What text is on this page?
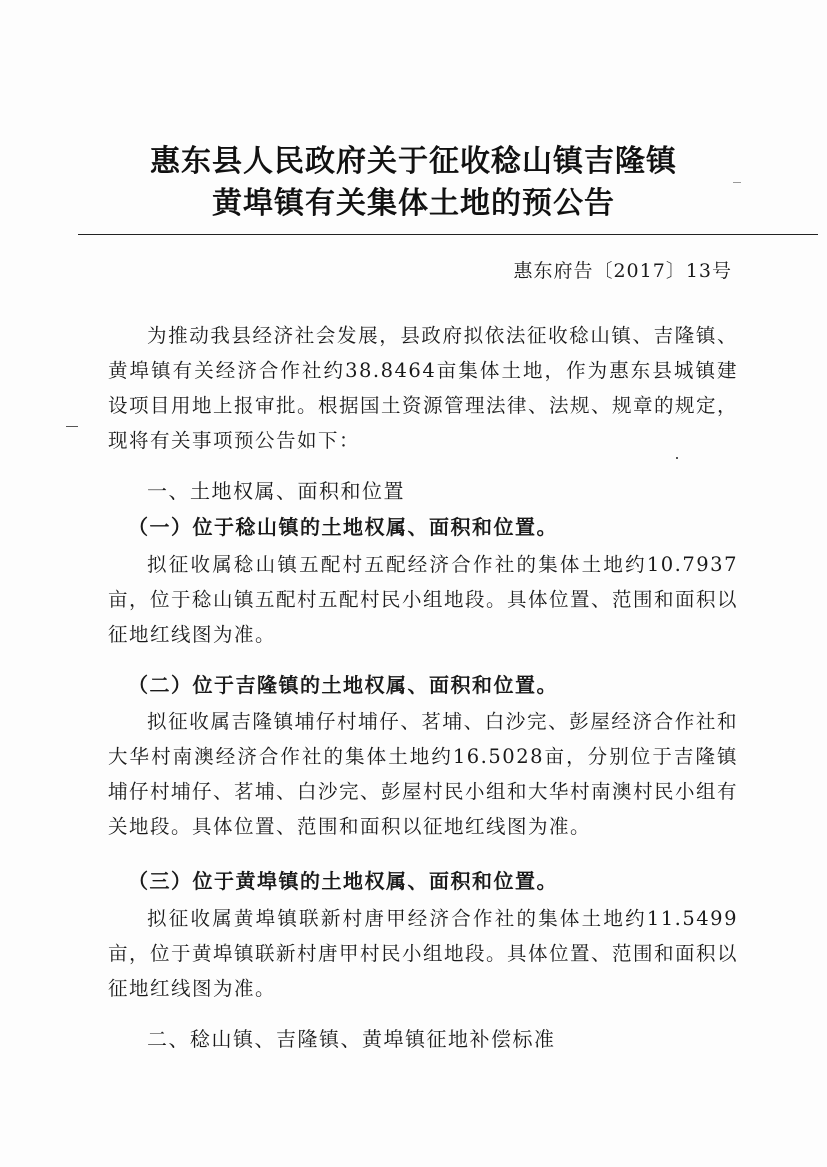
惠东县人民政府关于征收稔山镇吉隆镇
黄埠镇有关集体土地的预公告
惠东府告〔2017〕13号

为推动我县经济社会发展，县政府拟依法征收稔山镇、吉隆镇、黄埠镇有关经济合作社约38.8464亩集体土地，作为惠东县城镇建设项目用地上报审批。根据国土资源管理法律、法规、规章的规定，现将有关事项预公告如下：

一、土地权属、面积和位置

（一）位于稔山镇的土地权属、面积和位置。

拟征收属稔山镇五配村五配经济合作社的集体土地约10.7937亩，位于稔山镇五配村五配村民小组地段。具体位置、范围和面积以征地红线图为准。

（二）位于吉隆镇的土地权属、面积和位置。

拟征收属吉隆镇埔仔村埔仔、茗埔、白沙完、彭屋经济合作社和大华村南澳经济合作社的集体土地约16.5028亩，分别位于吉隆镇埔仔村埔仔、茗埔、白沙完、彭屋村民小组和大华村南澳村民小组有关地段。具体位置、范围和面积以征地红线图为准。

（三）位于黄埠镇的土地权属、面积和位置。

拟征收属黄埠镇联新村唐甲经济合作社的集体土地约11.5499亩，位于黄埠镇联新村唐甲村民小组地段。具体位置、范围和面积以征地红线图为准。

二、稔山镇、吉隆镇、黄埠镇征地补偿标准
